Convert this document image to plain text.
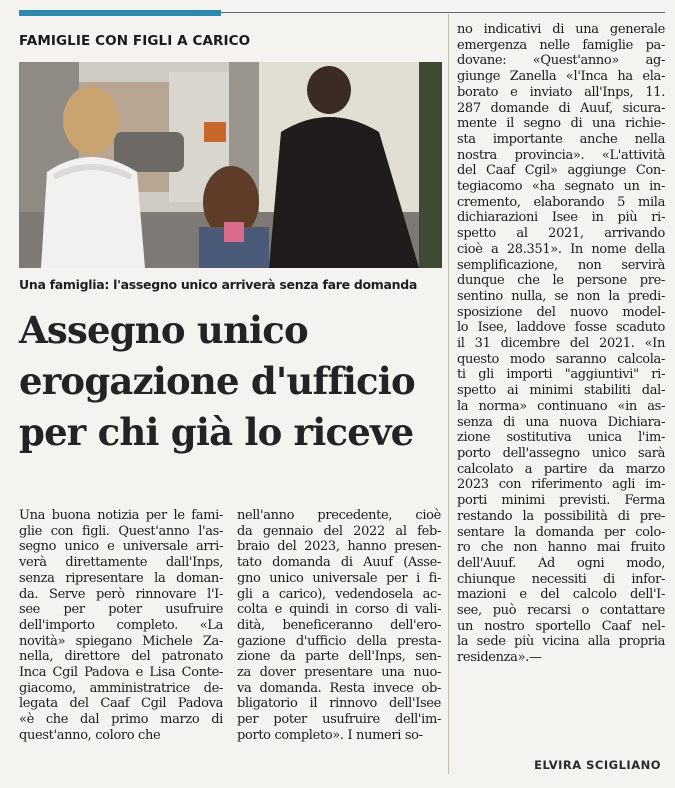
FAMIGLIE CON FIGLI A CARICO
Una famiglia: l'assegno unico arriverà senza fare domanda
Assegno unico
erogazione d'ufficio
per chi già lo riceve
Una buona notizia per le fami-
glie con figli. Quest'anno l'as-
segno unico e universale arri-
verà direttamente dall'Inps,
senza ripresentare la doman-
da. Serve però rinnovare l'I-
see per poter usufruire
dell'importo completo. «La
novità» spiegano Michele Za-
nella, direttore del patronato
Inca Cgil Padova e Lisa Conte-
giacomo, amministratrice de-
legata del Caaf Cgil Padova
«è che dal primo marzo di
quest'anno, coloro che
nell'anno precedente, cioè
da gennaio del 2022 al feb-
braio del 2023, hanno presen-
tato domanda di Auuf (Asse-
gno unico universale per i fi-
gli a carico), vedendosela ac-
colta e quindi in corso di vali-
dità, beneficeranno dell'ero-
gazione d'ufficio della presta-
zione da parte dell'Inps, sen-
za dover presentare una nuo-
va domanda. Resta invece ob-
bligatorio il rinnovo dell'Isee
per poter usufruire dell'im-
porto completo». I numeri so-
no indicativi di una generale
emergenza nelle famiglie pa-
dovane: «Quest'anno» ag-
giunge Zanella «l'Inca ha ela-
borato e inviato all'Inps, 11.
287 domande di Auuf, sicura-
mente il segno di una richie-
sta importante anche nella
nostra provincia». «L'attività
del Caaf Cgil» aggiunge Con-
tegiacomo «ha segnato un in-
cremento, elaborando 5 mila
dichiarazioni Isee in più ri-
spetto al 2021, arrivando
cioè a 28.351». In nome della
semplificazione, non servirà
dunque che le persone pre-
sentino nulla, se non la predi-
sposizione del nuovo model-
lo Isee, laddove fosse scaduto
il 31 dicembre del 2021. «In
questo modo saranno calcola-
ti gli importi "aggiuntivi" ri-
spetto ai minimi stabiliti dal-
la norma» continuano «in as-
senza di una nuova Dichiara-
zione sostitutiva unica l'im-
porto dell'assegno unico sarà
calcolato a partire da marzo
2023 con riferimento agli im-
porti minimi previsti. Ferma
restando la possibilità di pre-
sentare la domanda per colo-
ro che non hanno mai fruito
dell'Auuf. Ad ogni modo,
chiunque necessiti di infor-
mazioni e del calcolo dell'I-
see, può recarsi o contattare
un nostro sportello Caaf nel-
la sede più vicina alla propria
residenza».—
ELVIRA SCIGLIANO
